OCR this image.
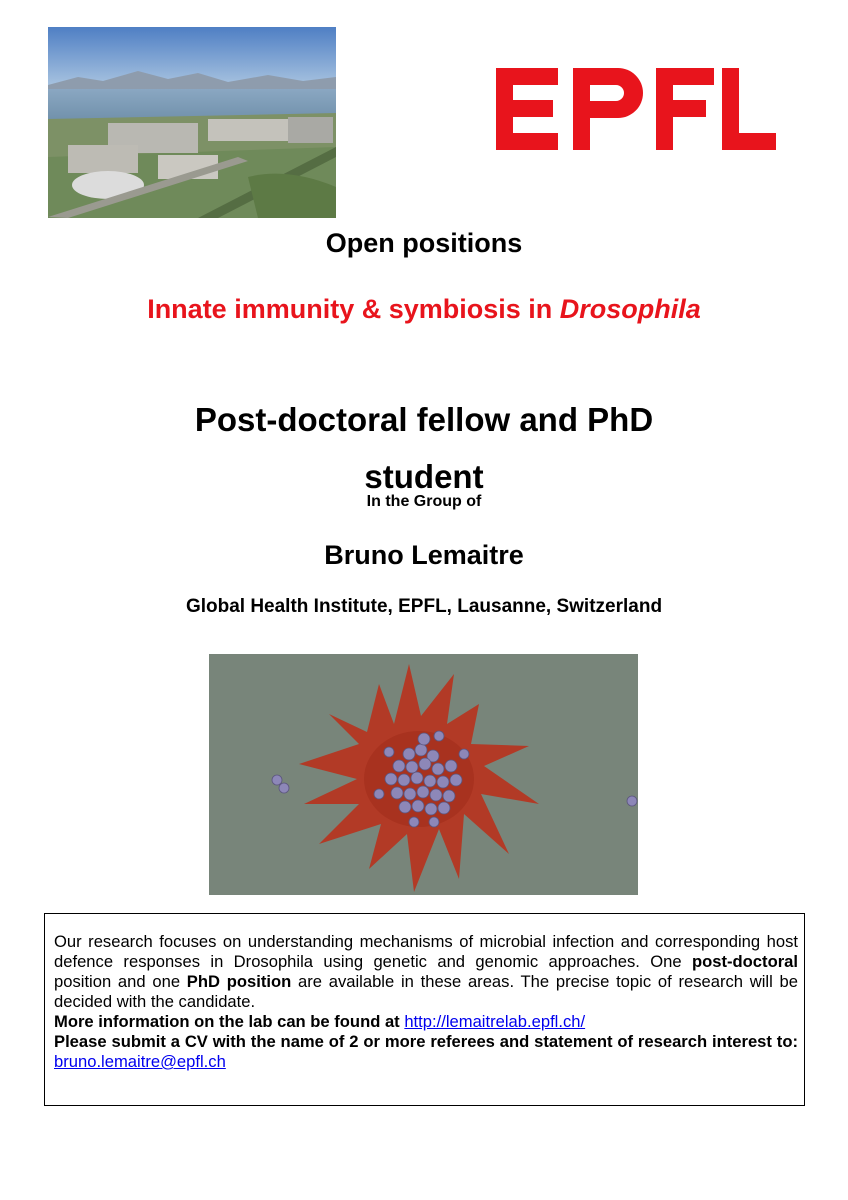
Open positions
Innate immunity & symbiosis in Drosophila
Post-doctoral fellow and PhD
student
In the Group of
Bruno Lemaitre
Global Health Institute, EPFL, Lausanne, Switzerland

Our research focuses on understanding mechanisms of microbial infection and corresponding host defence responses in Drosophila using genetic and genomic approaches. One post-doctoral position and one PhD position are available in these areas. The precise topic of research will be decided with the candidate.

More information on the lab can be found at http://lemaitrelab.epfl.ch/

Please submit a CV with the name of 2 or more referees and statement of research interest to: bruno.lemaitre@epfl.ch
